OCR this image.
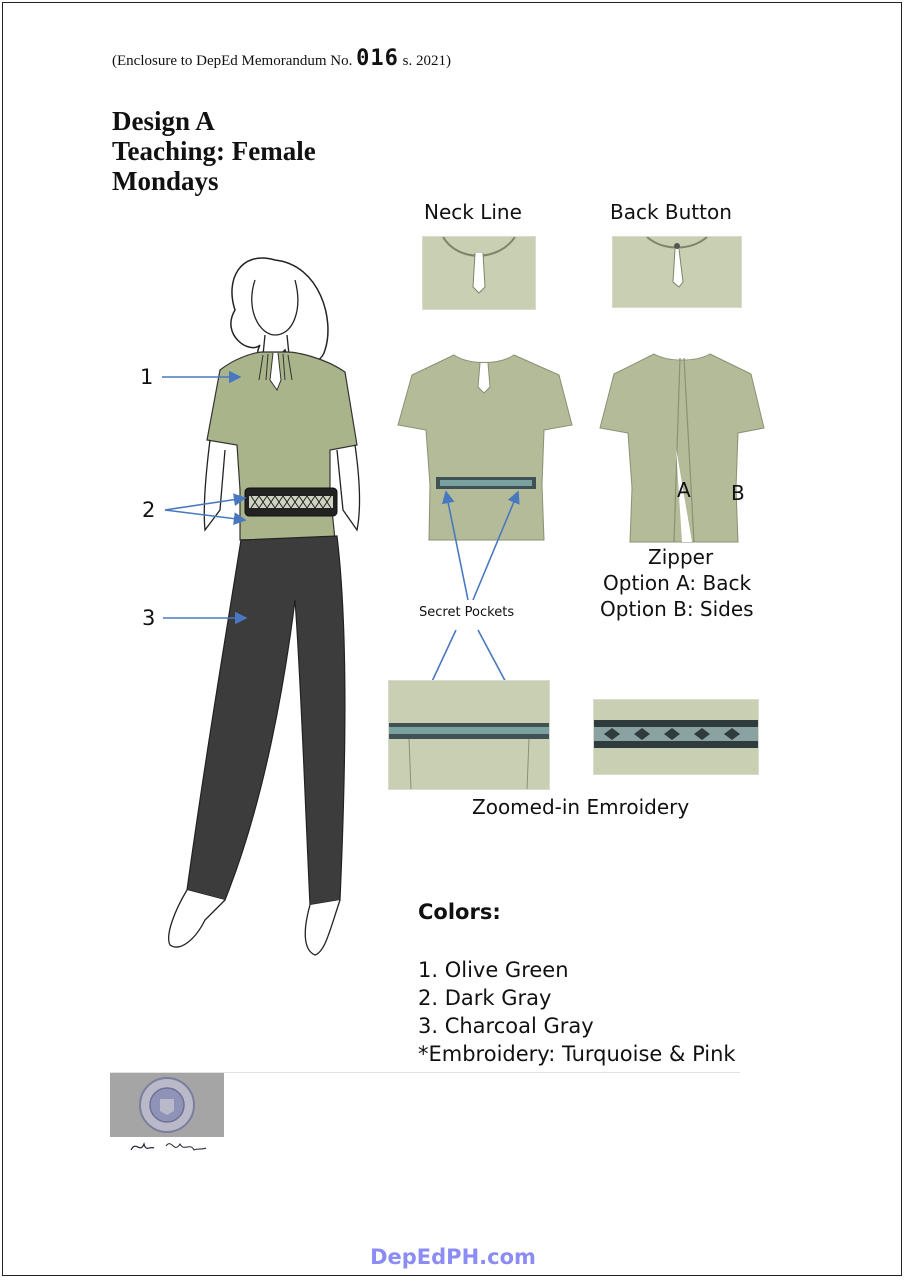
(Enclosure to DepEd Memorandum No. 016 s. 2021)
Design A
Teaching: Female
Mondays
1
2
3
Neck Line	Back Button
A B
Zipper
Option A: Back
Option B: Sides
Secret Pockets
Zoomed-in Emroidery
Colors:
1. Olive Green
2. Dark Gray
3. Charcoal Gray
*Embroidery: Turquoise & Pink
DepEdPH.com
